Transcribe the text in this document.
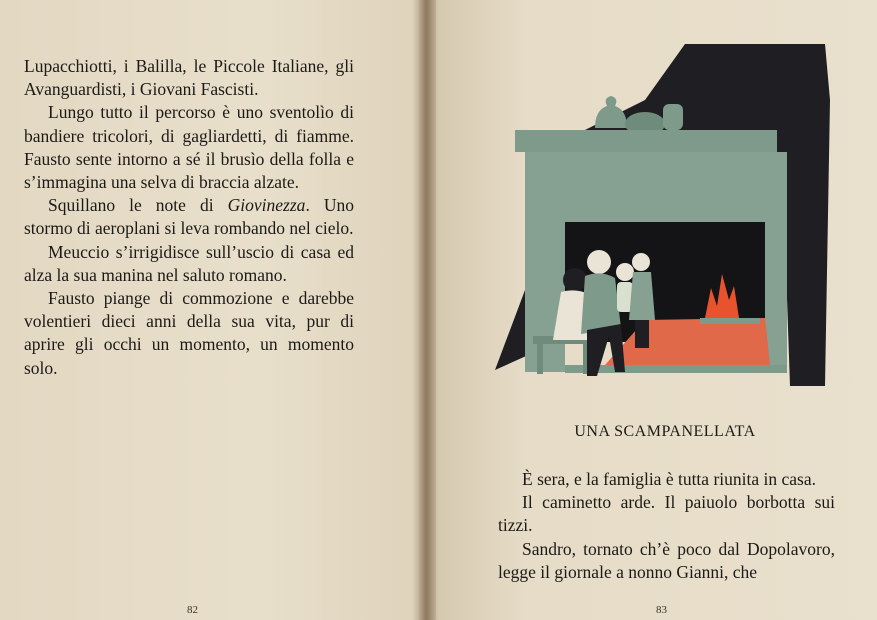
Lupacchiotti, i Balilla, le Piccole Italiane, gli Avanguardisti, i Giovani Fascisti.

Lungo tutto il percorso è uno sventolìo di bandiere tricolori, di gagliardetti, di fiamme. Fausto sente intorno a sé il brusìo della folla e s’immagina una selva di braccia alzate.

Squillano le note di Giovinezza. Uno stormo di aeroplani si leva rombando nel cielo.

Meuccio s’irrigidisce sull’uscio di casa ed alza la sua manina nel saluto romano.

Fausto piange di commozione e darebbe volentieri dieci anni della sua vita, pur di aprire gli occhi un momento, un momento solo.

82
UNA SCAMPANELLATA

È sera, e la famiglia è tutta riunita in casa.

Il caminetto arde. Il paiuolo borbotta sui tizzi.

Sandro, tornato ch’è poco dal Dopolavoro, legge il giornale a nonno Gianni, che

83
